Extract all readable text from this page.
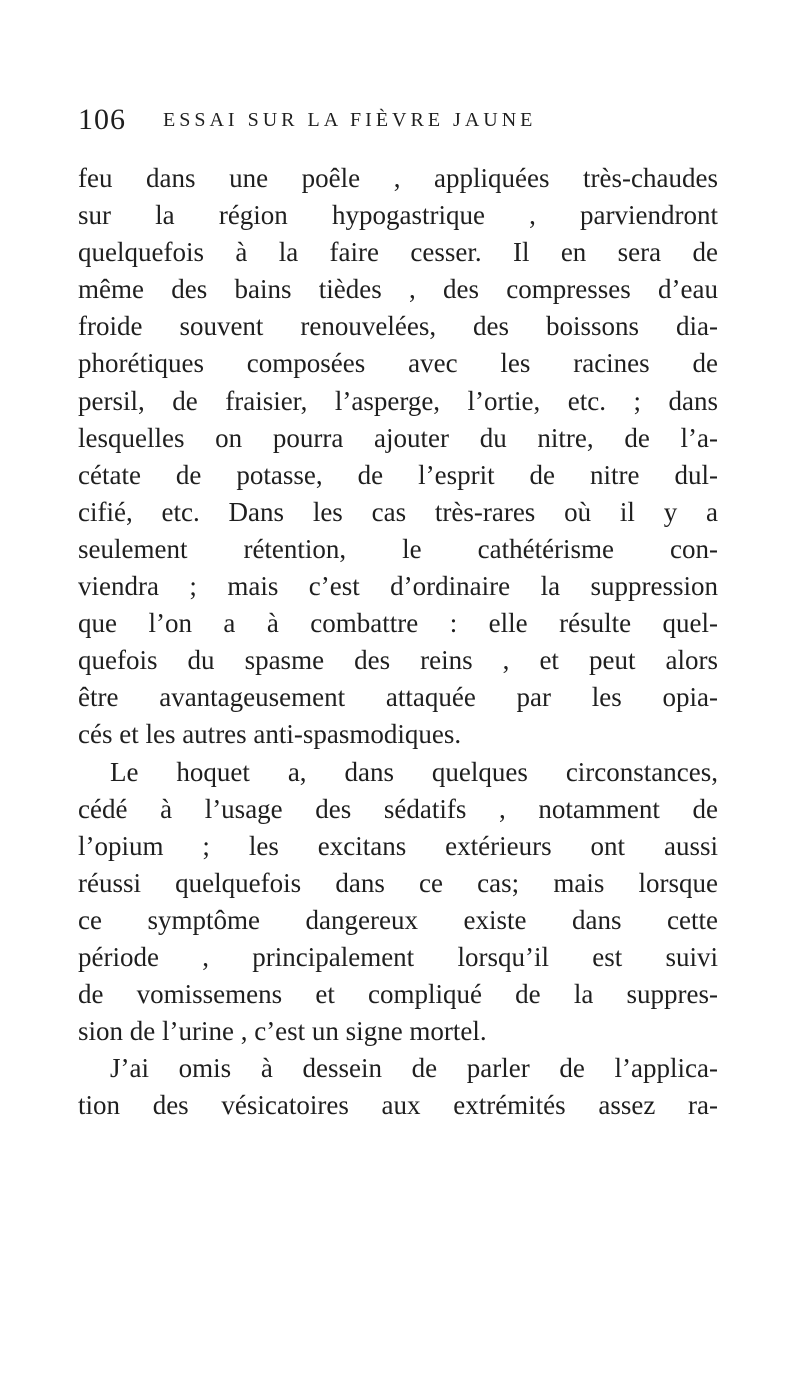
106 ESSAI SUR LA FIÈVRE JAUNE
feu dans une poêle , appliquées très-chaudes
sur la région hypogastrique , parviendront
quelquefois à la faire cesser. Il en sera de
même des bains tièdes , des compresses d’eau
froide souvent renouvelées, des boissons dia-
phorétiques composées avec les racines de
persil, de fraisier, l’asperge, l’ortie, etc. ; dans
lesquelles on pourra ajouter du nitre, de l’a-
cétate de potasse, de l’esprit de nitre dul-
cifié, etc. Dans les cas très-rares où il y a
seulement rétention, le cathétérisme con-
viendra ; mais c’est d’ordinaire la suppression
que l’on a à combattre : elle résulte quel-
quefois du spasme des reins , et peut alors
être avantageusement attaquée par les opia-
cés et les autres anti-spasmodiques.
Le hoquet a, dans quelques circonstances,
cédé à l’usage des sédatifs , notamment de
l’opium ; les excitans extérieurs ont aussi
réussi quelquefois dans ce cas; mais lorsque
ce symptôme dangereux existe dans cette
période , principalement lorsqu’il est suivi
de vomissemens et compliqué de la suppres-
sion de l’urine , c’est un signe mortel.
J’ai omis à dessein de parler de l’applica-
tion des vésicatoires aux extrémités assez ra-
